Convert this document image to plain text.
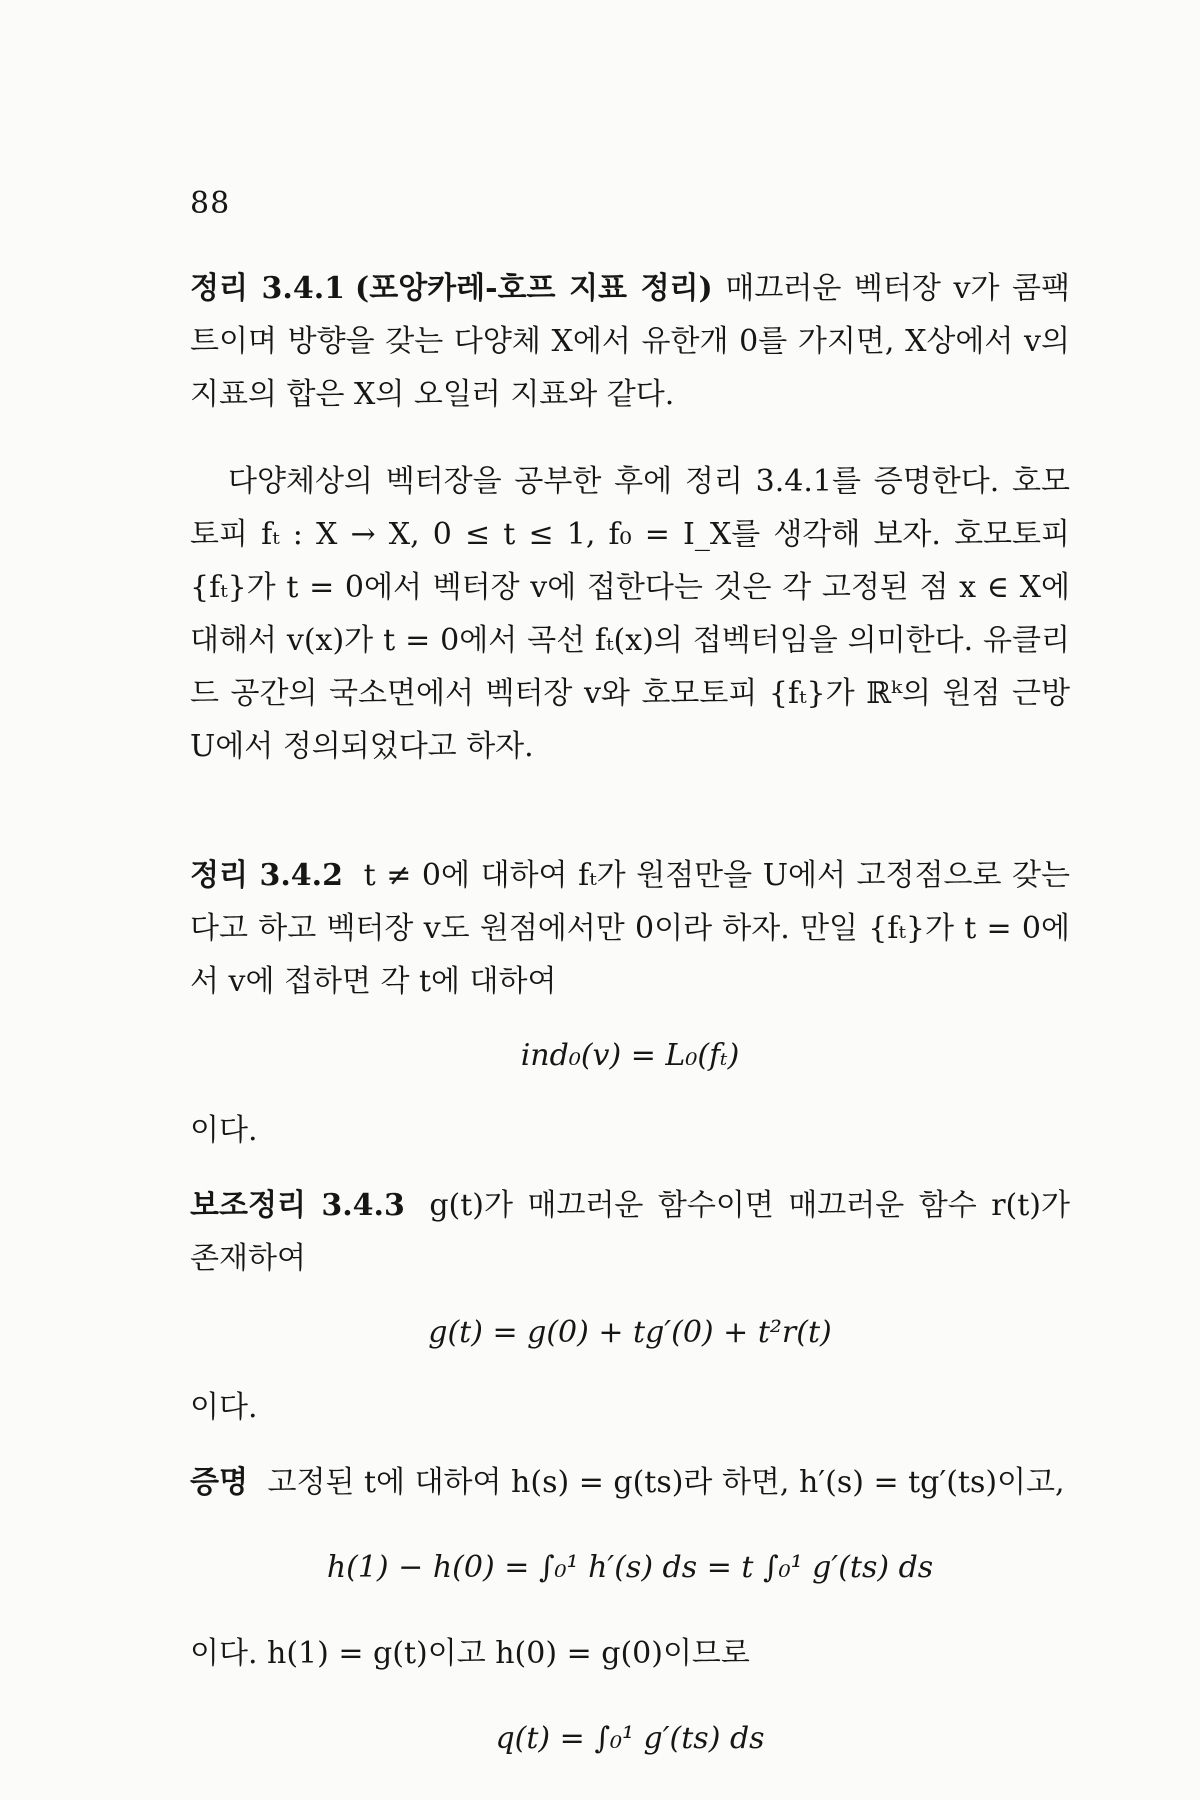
88

정리 3.4.1 (포앙카레-호프 지표 정리) 매끄러운 벡터장 v가 콤팩트이며 방향을 갖는 다양체 X에서 유한개 0를 가지면, X상에서 v의 지표의 합은 X의 오일러 지표와 같다.

다양체상의 벡터장을 공부한 후에 정리 3.4.1를 증명한다. 호모토피 fₜ : X → X, 0 ≤ t ≤ 1, f₀ = I_X를 생각해 보자. 호모토피 {fₜ}가 t = 0에서 벡터장 v에 접한다는 것은 각 고정된 점 x ∈ X에 대해서 v(x)가 t = 0에서 곡선 fₜ(x)의 접벡터임을 의미한다. 유클리드 공간의 국소면에서 벡터장 v와 호모토피 {fₜ}가 ℝᵏ의 원점 근방 U에서 정의되었다고 하자.

정리 3.4.2 t ≠ 0에 대하여 fₜ가 원점만을 U에서 고정점으로 갖는다고 하고 벡터장 v도 원점에서만 0이라 하자. 만일 {fₜ}가 t = 0에서 v에 접하면 각 t에 대하여

ind₀(v) = L₀(fₜ)

이다.

보조정리 3.4.3 g(t)가 매끄러운 함수이면 매끄러운 함수 r(t)가 존재하여

g(t) = g(0) + tg′(0) + t²r(t)

이다.

증명 고정된 t에 대하여 h(s) = g(ts)라 하면, h′(s) = tg′(ts)이고,

h(1) − h(0) = ∫₀¹ h′(s) ds = t ∫₀¹ g′(ts) ds

이다. h(1) = g(t)이고 h(0) = g(0)이므로

q(t) = ∫₀¹ g′(ts) ds
